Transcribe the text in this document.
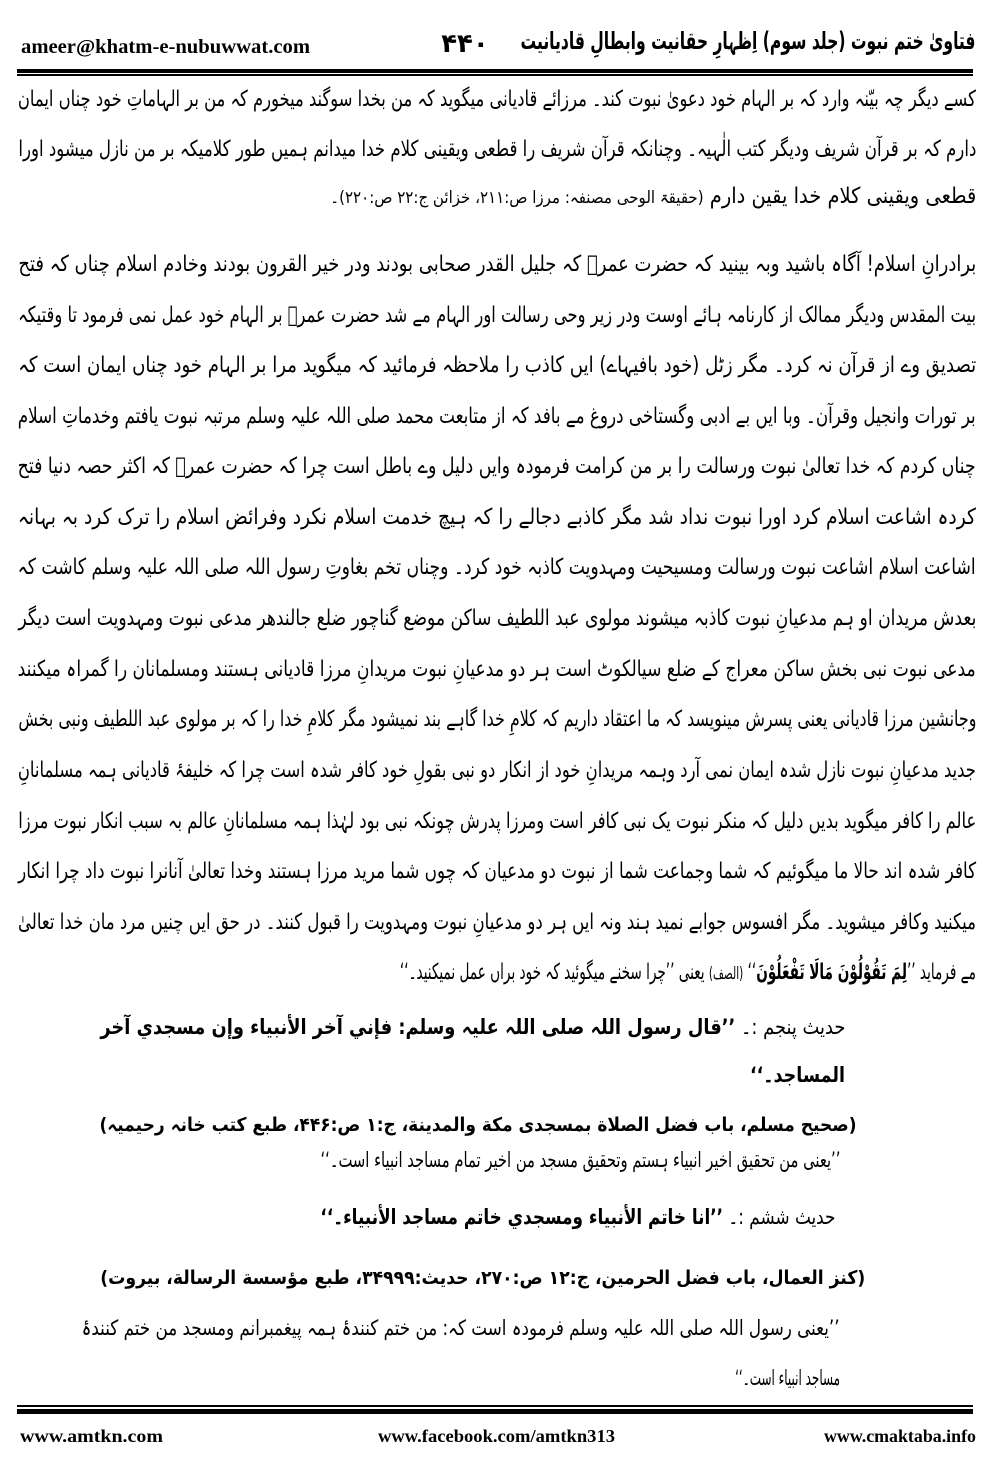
ameer@khatm-e-nubuwwat.com	۴۴۰ فتاویٰ ختم نبوت (جلد سوم) اِظہارِ حقانیت وابطالِ قادیانیت
کسے دیگر چہ بیّنہ وارد کہ بر الہام خود دعویٰ نبوت کند۔ مرزائے قادیانی میگوید کہ من بخدا سوگند میخورم کہ من بر الہاماتِ خود چناں ایمان
دارم کہ بر قرآن شریف ودیگر کتب الٰہیہ۔ وچنانکہ قرآن شریف را قطعی ویقینی کلام خدا میدانم ہمیں طور کلامیکہ بر من نازل میشود اورا
قطعی ویقینی کلام خدا یقین دارم (حقیقۃ الوحی مصنفہ: مرزا ص:۲۱۱، خزائن ج:۲۲ ص:۲۲۰)۔
برادرانِ اسلام! آگاہ باشید وبہ بینید کہ حضرت عمرؓ کہ جلیل القدر صحابی بودند ودر خیر القرون بودند وخادم اسلام چناں کہ فتح
بیت المقدس ودیگر ممالک از کارنامہ ہائے اوست ودر زیر وحی رسالت اور الہام مے شد حضرت عمرؓ بر الہام خود عمل نمی فرمود تا وقتیکہ
تصدیق وے از قرآن نہ کرد۔ مگر زٹل (خود بافیہاے) ایں کاذب را ملاحظہ فرمائید کہ میگوید مرا بر الہام خود چناں ایمان است کہ
بر تورات وانجیل وقرآن۔ وبا ایں بے ادبی وگستاخی دروغ مے بافد کہ از متابعت محمد صلی اللہ علیہ وسلم مرتبہ نبوت یافتم وخدماتِ اسلام
چناں کردم کہ خدا تعالیٰ نبوت ورسالت را بر من کرامت فرمودہ وایں دلیل وے باطل است چرا کہ حضرت عمرؓ کہ اکثر حصہ دنیا فتح
کردہ اشاعت اسلام کرد اورا نبوت نداد شد مگر کاذبے دجالے را کہ ہیچ خدمت اسلام نکرد وفرائض اسلام را ترک کرد بہ بہانہ
اشاعت اسلام اشاعت نبوت ورسالت ومسیحیت ومہدویت کاذبہ خود کرد۔ وچناں تخم بغاوتِ رسول اللہ صلی اللہ علیہ وسلم کاشت کہ
بعدش مریدان او ہم مدعیانِ نبوت کاذبہ میشوند مولوی عبد اللطیف ساکن موضع گناچور ضلع جالندھر مدعی نبوت ومہدویت است دیگر
مدعی نبوت نبی بخش ساکن معراج کے ضلع سیالکوٹ است ہر دو مدعیانِ نبوت مریدانِ مرزا قادیانی ہستند ومسلمانان را گمراہ میکنند
وجانشین مرزا قادیانی یعنی پسرش مینویسد کہ ما اعتقاد داریم کہ کلامِ خدا گاہے بند نمیشود مگر کلامِ خدا را کہ بر مولوی عبد اللطیف ونبی بخش
جدید مدعیانِ نبوت نازل شدہ ایمان نمی آرد وہمہ مریدانِ خود از انکار دو نبی بقولِ خود کافر شدہ است چرا کہ خلیفۂ قادیانی ہمہ مسلمانانِ
عالم را کافر میگوید بدیں دلیل کہ منکر نبوت یک نبی کافر است ومرزا پدرش چونکہ نبی بود لہٰذا ہمہ مسلمانانِ عالم بہ سبب انکار نبوت مرزا
کافر شدہ اند حالا ما میگوئیم کہ شما وجماعت شما از نبوت دو مدعیان کہ چوں شما مرید مرزا ہستند وخدا تعالیٰ آنانرا نبوت داد چرا انکار
میکنید وکافر میشوید۔ مگر افسوس جوابے نمید ہند ونہ ایں ہر دو مدعیانِ نبوت ومہدویت را قبول کنند۔ در حق ایں چنیں مرد مان خدا تعالیٰ
مے فرماید ’’لِمَ تَقُوْلُوْنَ مَالَا تَفْعَلُوْنَ‘‘ (الصف) یعنی ’’چرا سخنے میگوئید کہ خود براں عمل نمیکنید۔‘‘
حدیث پنجم :۔ ’’قال رسول اللہ صلی اللہ علیہ وسلم: فإني آخر الأنبياء وإن مسجدي آخر
المساجد۔‘‘
(صحیح مسلم، باب فضل الصلاة بمسجدی مکة والمدینة، ج:۱ ص:۴۴۶، طبع کتب خانہ رحیمیہ)
’’یعنی من تحقیق اخیر انبیاء ہستم وتحقیق مسجد من اخیر تمام مساجد انبیاء است۔‘‘
حدیث ششم :۔ ’’انا خاتم الأنبياء ومسجدي خاتم مساجد الأنبياء۔‘‘
(کنز العمال، باب فضل الحرمین، ج:۱۲ ص:۲۷۰، حدیث:۳۴۹۹۹، طبع مؤسسة الرسالة، بیروت)
’’یعنی رسول اللہ صلی اللہ علیہ وسلم فرمودہ است کہ: من ختم کنندۂ ہمہ پیغمبرانم ومسجد من ختم کنندۂ
مساجد انبیاء است۔‘‘
www.amtkn.com	www.facebook.com/amtkn313	www.cmaktaba.info
